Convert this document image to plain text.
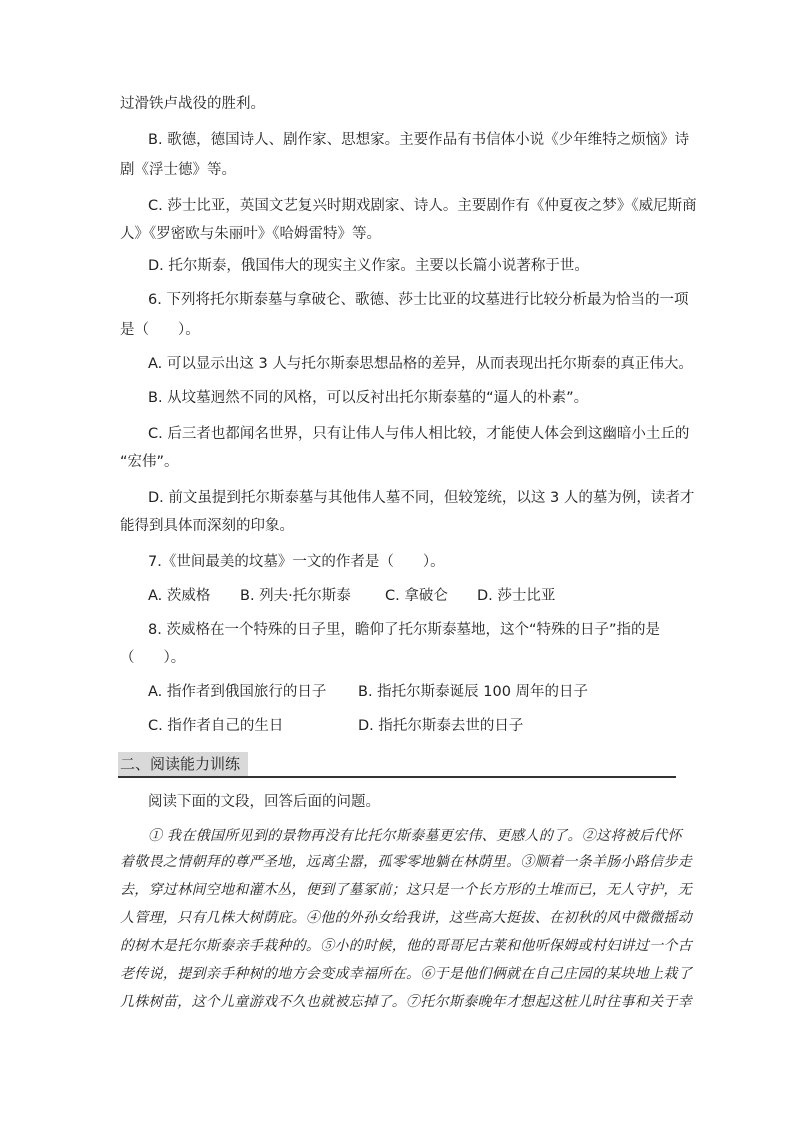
过滑铁卢战役的胜利。
B. 歌德，德国诗人、剧作家、思想家。主要作品有书信体小说《少年维特之烦恼》诗
剧《浮士德》等。
C. 莎士比亚，英国文艺复兴时期戏剧家、诗人。主要剧作有《仲夏夜之梦》《威尼斯商
人》《罗密欧与朱丽叶》《哈姆雷特》等。
D. 托尔斯泰，俄国伟大的现实主义作家。主要以长篇小说著称于世。
6. 下列将托尔斯泰墓与拿破仑、歌德、莎士比亚的坟墓进行比较分析最为恰当的一项
是（　　）。
A. 可以显示出这 3 人与托尔斯泰思想品格的差异，从而表现出托尔斯泰的真正伟大。
B. 从坟墓迥然不同的风格，可以反衬出托尔斯泰墓的“逼人的朴素”。
C. 后三者也都闻名世界，只有让伟人与伟人相比较，才能使人体会到这幽暗小土丘的
“宏伟”。
D. 前文虽提到托尔斯泰墓与其他伟人墓不同，但较笼统，以这 3 人的墓为例，读者才
能得到具体而深刻的印象。
7.《世间最美的坟墓》一文的作者是（　　）。
A. 茨威格 B. 列夫·托尔斯泰 C. 拿破仑 D. 莎士比亚
8. 茨威格在一个特殊的日子里，瞻仰了托尔斯泰墓地，这个“特殊的日子”指的是
（　　）。
A. 指作者到俄国旅行的日子 B. 指托尔斯泰诞辰 100 周年的日子
C. 指作者自己的生日	D. 指托尔斯泰去世的日子
二、阅读能力训练
阅读下面的文段，回答后面的问题。
① 我在俄国所见到的景物再没有比托尔斯泰墓更宏伟、更感人的了。②这将被后代怀
着敬畏之情朝拜的尊严圣地，远离尘嚣，孤零零地躺在林荫里。③顺着一条羊肠小路信步走
去，穿过林间空地和灌木丛，便到了墓冢前；这只是一个长方形的土堆而已，无人守护，无
人管理，只有几株大树荫庇。④他的外孙女给我讲，这些高大挺拔、在初秋的风中微微摇动
的树木是托尔斯泰亲手栽种的。⑤小的时候，他的哥哥尼古莱和他听保姆或村妇讲过一个古
老传说，提到亲手种树的地方会变成幸福所在。⑥于是他们俩就在自己庄园的某块地上栽了
几株树苗，这个儿童游戏不久也就被忘掉了。⑦托尔斯泰晚年才想起这桩儿时往事和关于幸
